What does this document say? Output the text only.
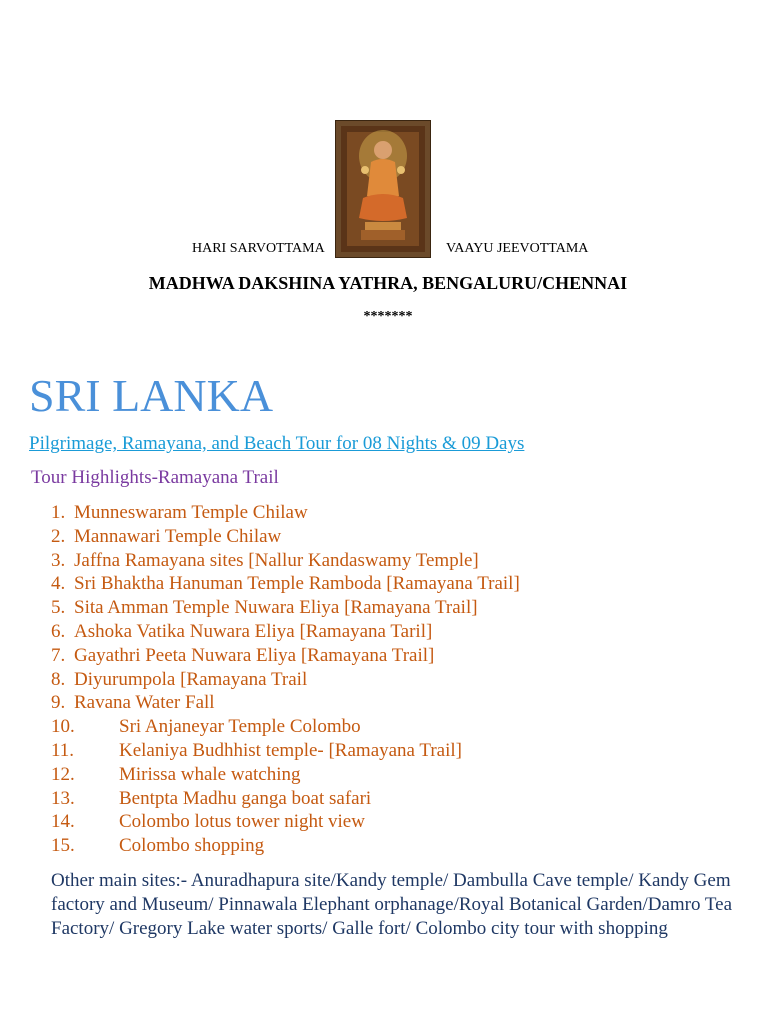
HARI SARVOTTAMA	VAAYU JEEVOTTAMA
MADHWA DAKSHINA YATHRA, BENGALURU/CHENNAI
*******
SRI LANKA
Pilgrimage, Ramayana, and Beach Tour for 08 Nights & 09 Days
Tour Highlights-Ramayana Trail
1. Munneswaram Temple Chilaw
2. Mannawari Temple Chilaw
3. Jaffna Ramayana sites [Nallur Kandaswamy Temple]
4. Sri Bhaktha Hanuman Temple Ramboda [Ramayana Trail]
5. Sita Amman Temple Nuwara Eliya [Ramayana Trail]
6. Ashoka Vatika Nuwara Eliya [Ramayana Taril]
7. Gayathri Peeta Nuwara Eliya [Ramayana Trail]
8. Diyurumpola [Ramayana Trail
9. Ravana Water Fall
10. Sri Anjaneyar Temple Colombo
11. Kelaniya Budhhist temple- [Ramayana Trail]
12. Mirissa whale watching
13. Bentpta Madhu ganga boat safari
14. Colombo lotus tower night view
15. Colombo shopping
Other main sites:- Anuradhapura site/Kandy temple/ Dambulla Cave temple/ Kandy Gem factory and Museum/ Pinnawala Elephant orphanage/Royal Botanical Garden/Damro Tea Factory/ Gregory Lake water sports/ Galle fort/ Colombo city tour with shopping
